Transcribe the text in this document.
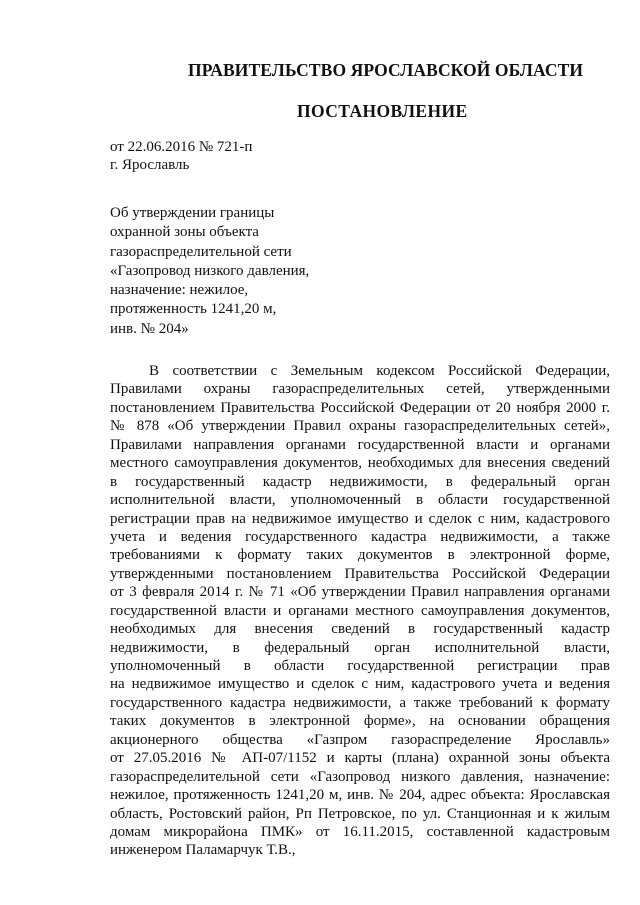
ПРАВИТЕЛЬСТВО ЯРОСЛАВСКОЙ ОБЛАСТИ
ПОСТАНОВЛЕНИЕ
от 22.06.2016 № 721-п
г. Ярославль
Об утверждении границы
охранной зоны объекта
газораспределительной сети
«Газопровод низкого давления,
назначение: нежилое,
протяженность 1241,20 м,
инв. № 204»
В соответствии с Земельным кодексом Российской Федерации,
Правилами охраны газораспределительных сетей, утвержденными
постановлением Правительства Российской Федерации от 20 ноября 2000 г.
№ 878 «Об утверждении Правил охраны газораспределительных сетей»,
Правилами направления органами государственной власти и органами
местного самоуправления документов, необходимых для внесения сведений
в государственный кадастр недвижимости, в федеральный орган
исполнительной власти, уполномоченный в области государственной
регистрации прав на недвижимое имущество и сделок с ним, кадастрового
учета и ведения государственного кадастра недвижимости, а также
требованиями к формату таких документов в электронной форме,
утвержденными постановлением Правительства Российской Федерации
от 3 февраля 2014 г. № 71 «Об утверждении Правил направления органами
государственной власти и органами местного самоуправления документов,
необходимых для внесения сведений в государственный кадастр
недвижимости, в федеральный орган исполнительной власти,
уполномоченный в области государственной регистрации прав
на недвижимое имущество и сделок с ним, кадастрового учета и ведения
государственного кадастра недвижимости, а также требований к формату
таких документов в электронной форме», на основании обращения
акционерного общества «Газпром газораспределение Ярославль»
от 27.05.2016 № АП-07/1152 и карты (плана) охранной зоны объекта
газораспределительной сети «Газопровод низкого давления, назначение:
нежилое, протяженность 1241,20 м, инв. № 204, адрес объекта: Ярославская
область, Ростовский район, Рп Петровское, по ул. Станционная и к жилым
домам микрорайона ПМК» от 16.11.2015, составленной кадастровым
инженером Паламарчук Т.В.,
